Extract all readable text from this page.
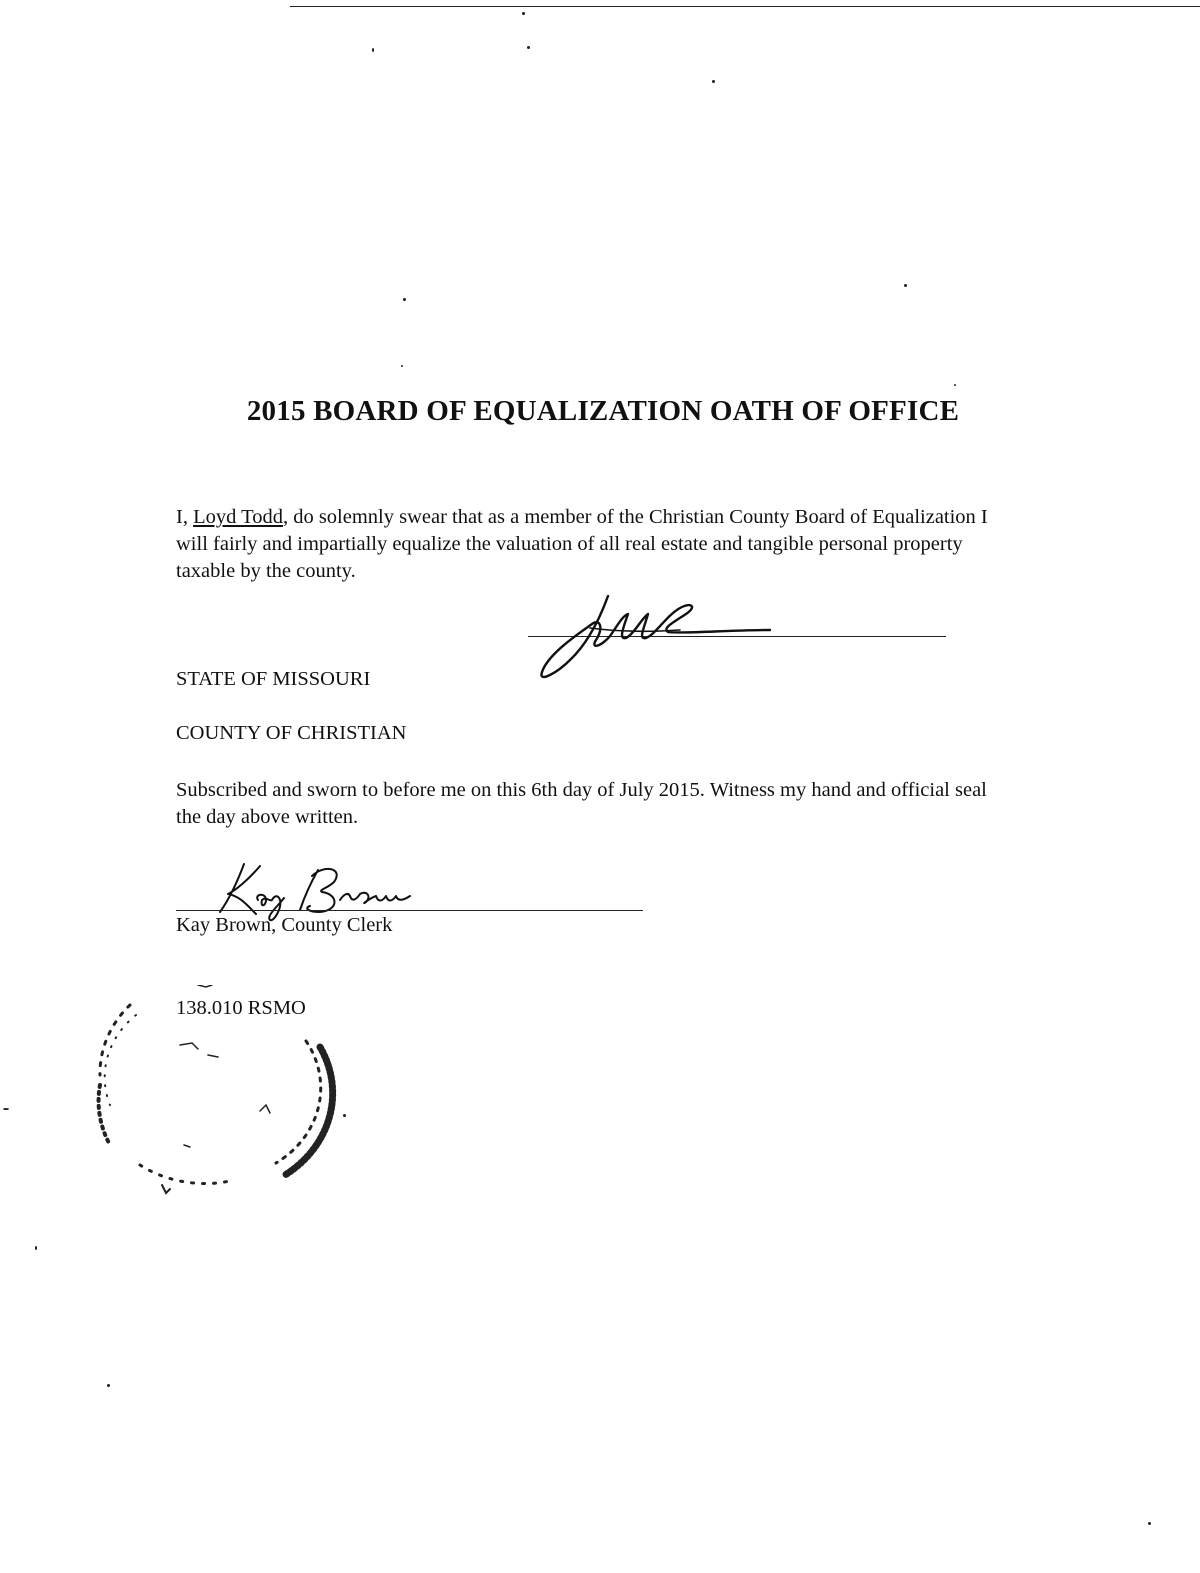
2015 BOARD OF EQUALIZATION OATH OF OFFICE
I, Loyd Todd, do solemnly swear that as a member of the Christian County Board of Equalization I will fairly and impartially equalize the valuation of all real estate and tangible personal property taxable by the county.
STATE OF MISSOURI
COUNTY OF CHRISTIAN
Subscribed and sworn to before me on this 6th day of July 2015. Witness my hand and official seal the day above written.
Kay Brown, County Clerk
138.010 RSMO
